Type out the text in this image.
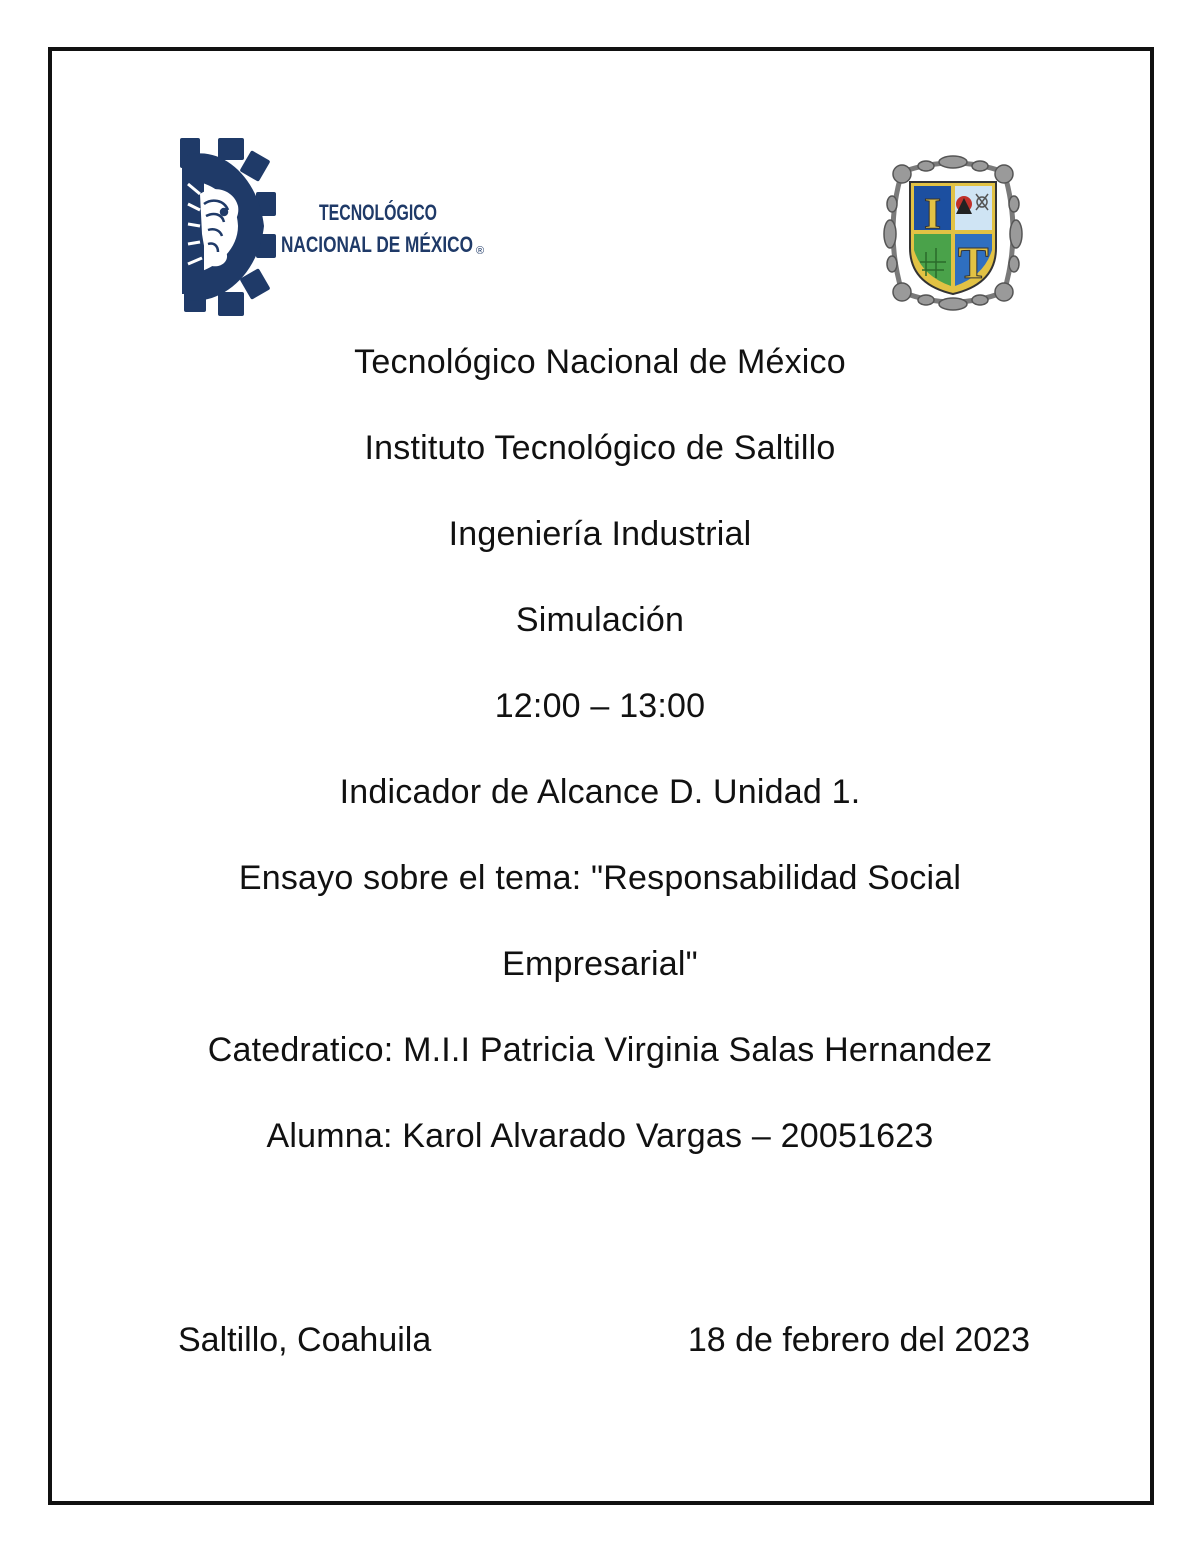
TECNOLÓGICO
NACIONAL DE MÉXICO ®
I
T
Tecnológico Nacional de México
Instituto Tecnológico de Saltillo
Ingeniería Industrial
Simulación
12:00 – 13:00
Indicador de Alcance D. Unidad 1.
Ensayo sobre el tema: "Responsabilidad Social
Empresarial"
Catedratico: M.I.I Patricia Virginia Salas Hernandez
Alumna: Karol Alvarado Vargas – 20051623
Saltillo, Coahuila	18 de febrero del 2023
